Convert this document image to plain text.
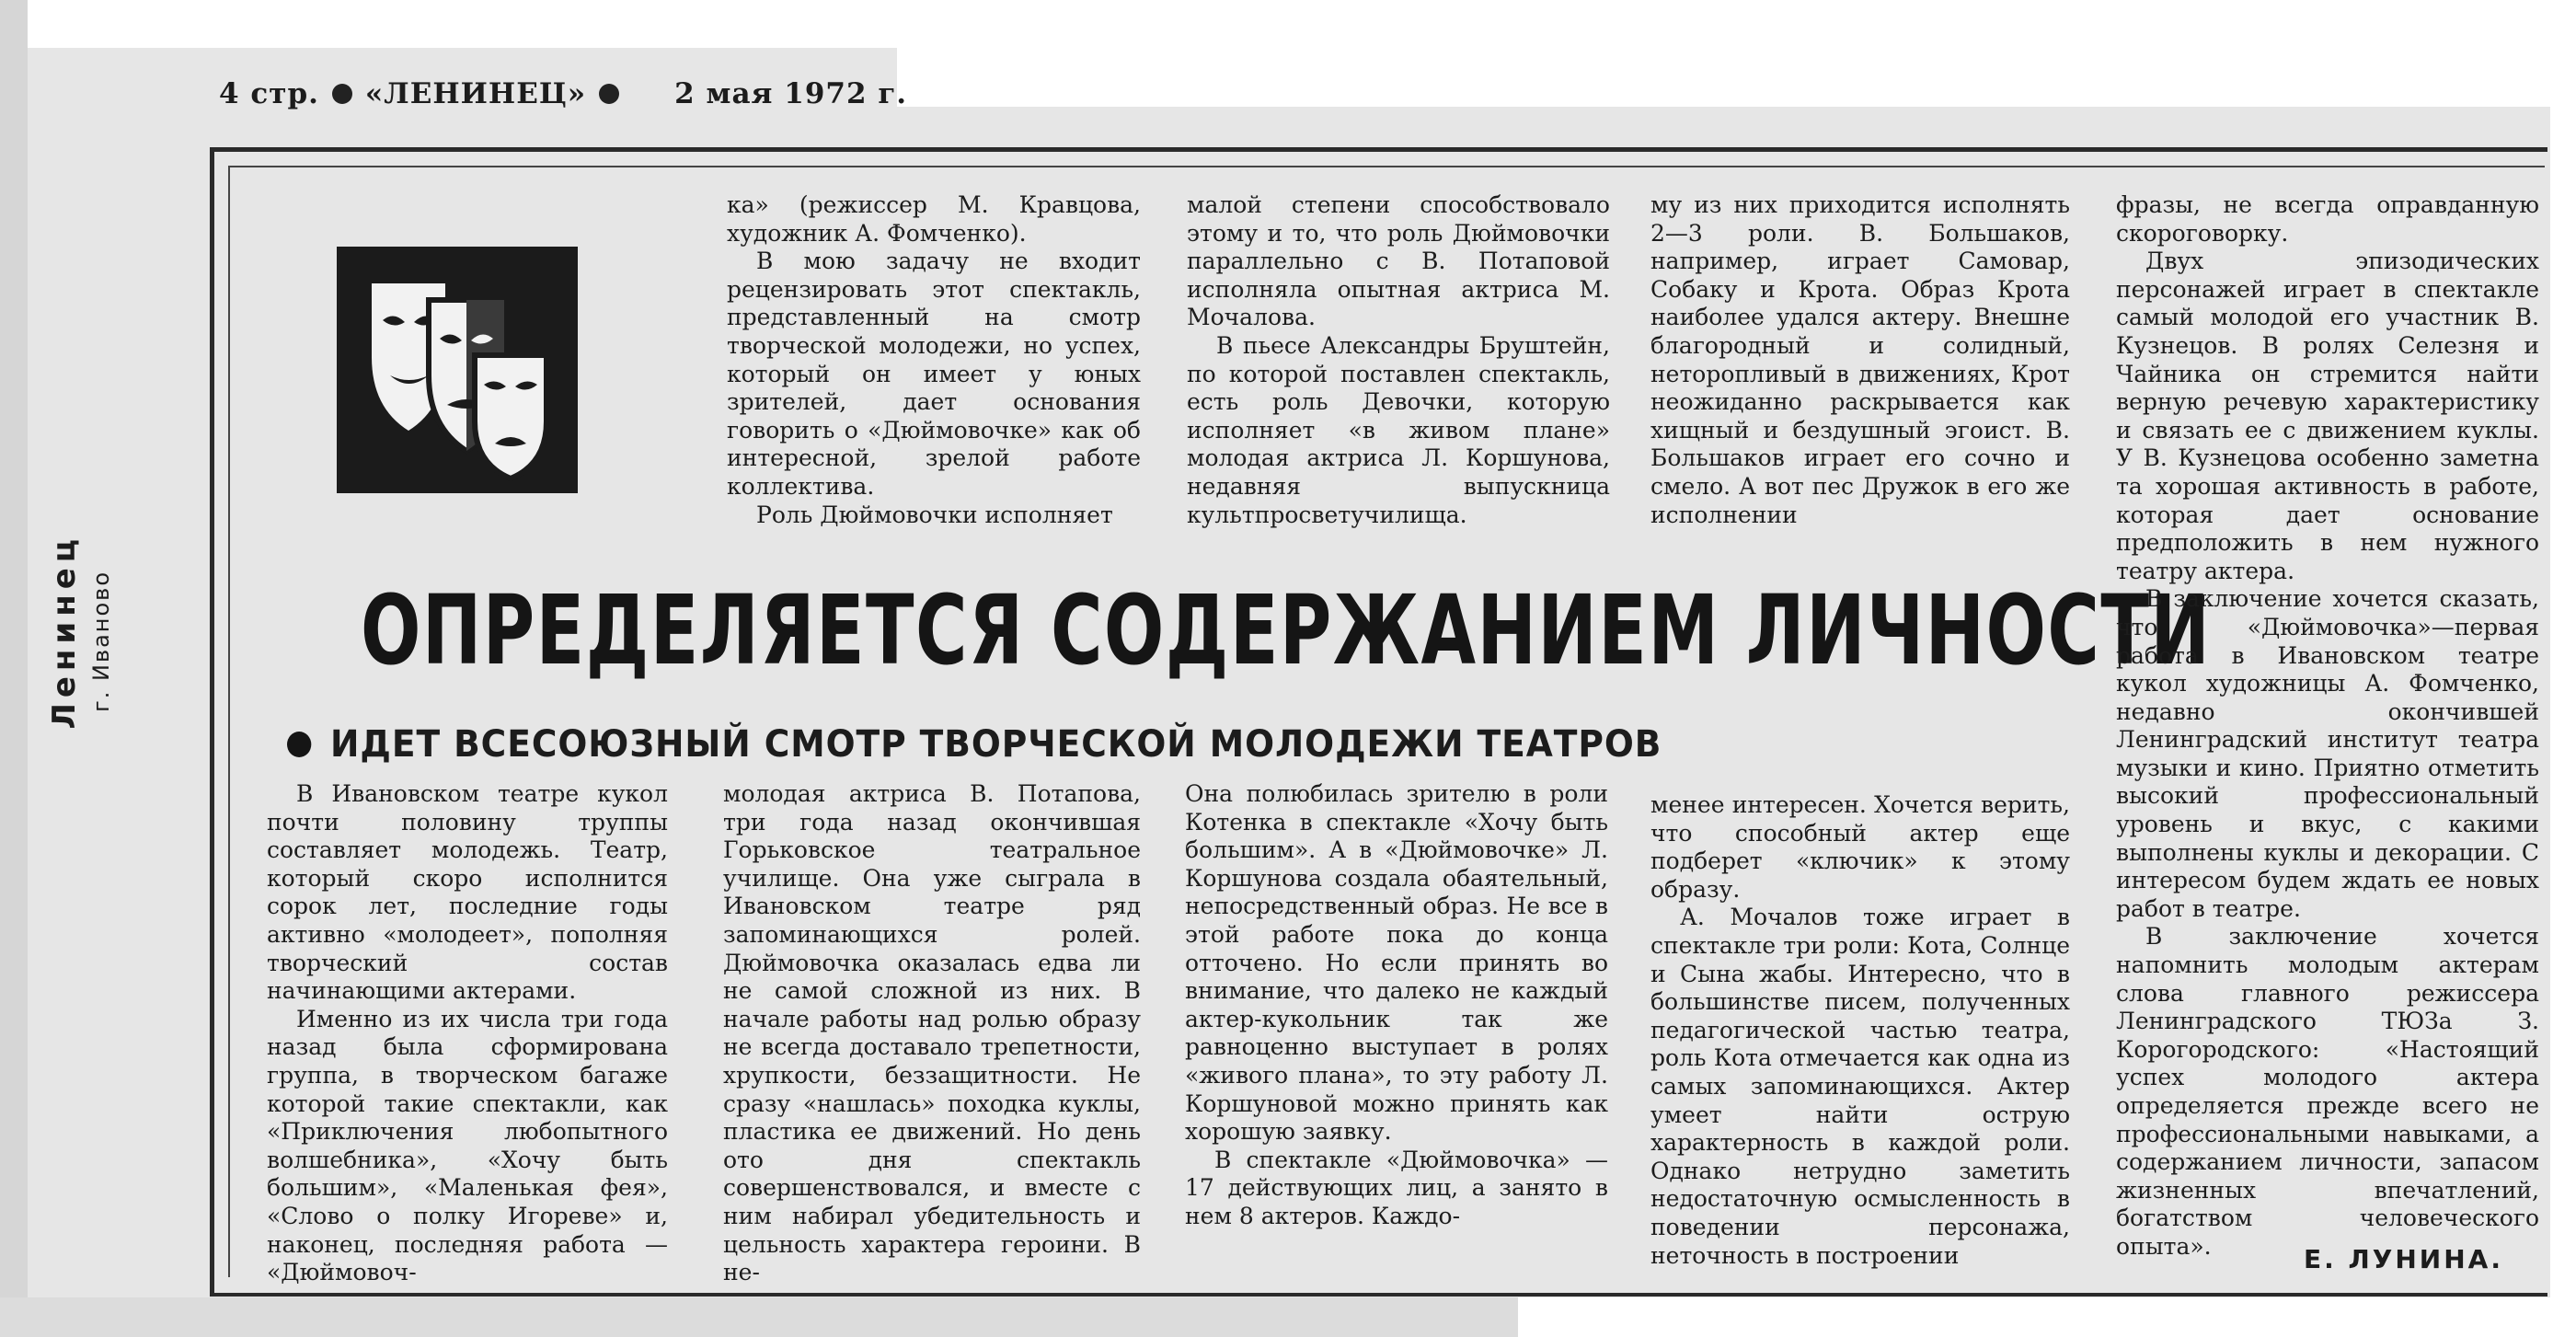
4 стр. «ЛЕНИНЕЦ»	2 мая 1972 г.
Ленинец г. Иваново

ка» (режиссер М. Кравцова, художник А. Фомченко).

В мою задачу не входит рецензировать этот спектакль, представленный на смотр творческой молодежи, но успех, который он имеет у юных зрителей, дает основания говорить о «Дюймовочке» как об интересной, зрелой работе коллектива.

Роль Дюймовочки исполняет

малой степени способствовало этому и то, что роль Дюймовочки параллельно с В. Потаповой исполняла опытная актриса М. Мочалова.

В пьесе Александры Бруштейн, по которой поставлен спектакль, есть роль Девочки, которую исполняет «в живом плане» молодая актриса Л. Коршунова, недавняя выпускница культпросветучилища.

му из них приходится исполнять 2—3 роли. В. Большаков, например, играет Самовар, Собаку и Крота. Образ Крота наиболее удался актеру. Внешне благородный и солидный, неторопливый в движениях, Крот неожиданно раскрывается как хищный и бездушный эгоист. В. Большаков играет его сочно и смело. А вот пес Дружок в его же исполнении

ОПРЕДЕЛЯЕТСЯ СОДЕРЖАНИЕМ ЛИЧНОСТИ
ИДЕТ ВСЕСОЮЗНЫЙ СМОТР ТВОРЧЕСКОЙ МОЛОДЕЖИ ТЕАТРОВ

В Ивановском театре кукол почти половину труппы составляет молодежь. Театр, который скоро исполнится сорок лет, последние годы активно «молодеет», пополняя творческий состав начинающими актерами.

Именно из их числа три года назад была сформирована группа, в творческом багаже которой такие спектакли, как «Приключения любопытного волшебника», «Хочу быть большим», «Маленькая фея», «Слово о полку Игореве» и, наконец, последняя работа — «Дюймовоч-

молодая актриса В. Потапова, три года назад окончившая Горьковское театральное училище. Она уже сыграла в Ивановском театре ряд запоминающихся ролей. Дюймовочка оказалась едва ли не самой сложной из них. В начале работы над ролью образу не всегда доставало трепетности, хрупкости, беззащитности. Не сразу «нашлась» походка куклы, пластика ее движений. Но день ото дня спектакль совершенствовался, и вместе с ним набирал убедительность и цельность характера героини. В не-

Она полюбилась зрителю в роли Котенка в спектакле «Хочу быть большим». А в «Дюймовочке» Л. Коршунова создала обаятельный, непосредственный образ. Не все в этой работе пока до конца отточено. Но если принять во внимание, что далеко не каждый актер-кукольник так же равноценно выступает в ролях «живого плана», то эту работу Л. Коршуновой можно принять как хорошую заявку.

В спектакле «Дюймовочка» — 17 действующих лиц, а занято в нем 8 актеров. Каждо-

менее интересен. Хочется верить, что способный актер еще подберет «ключик» к этому образу.

А. Мочалов тоже играет в спектакле три роли: Кота, Солнце и Сына жабы. Интересно, что в большинстве писем, полученных педагогической частью театра, роль Кота отмечается как одна из самых запоминающихся. Актер умеет найти острую характерность в каждой роли. Однако нетрудно заметить недостаточную осмысленность в поведении персонажа, неточность в построении

фразы, не всегда оправданную скороговорку.

Двух эпизодических персонажей играет в спектакле самый молодой его участник В. Кузнецов. В ролях Селезня и Чайника он стремится найти верную речевую характеристику и связать ее с движением куклы. У В. Кузнецова особенно заметна та хорошая активность в работе, которая дает основание предположить в нем нужного театру актера.

В заключение хочется сказать, что «Дюймовочка»—первая работа в Ивановском театре кукол художницы А. Фомченко, недавно окончившей Ленинградский институт театра музыки и кино. Приятно отметить высокий профессиональный уровень и вкус, с какими выполнены куклы и декорации. С интересом будем ждать ее новых работ в театре.

В заключение хочется напомнить молодым актерам слова главного режиссера Ленинградского ТЮЗа З. Корогородского: «Настоящий успех молодого актера определяется прежде всего не профессиональными навыками, а содержанием личности, запасом жизненных впечатлений, богатством человеческого опыта».	Е. ЛУНИНА.
